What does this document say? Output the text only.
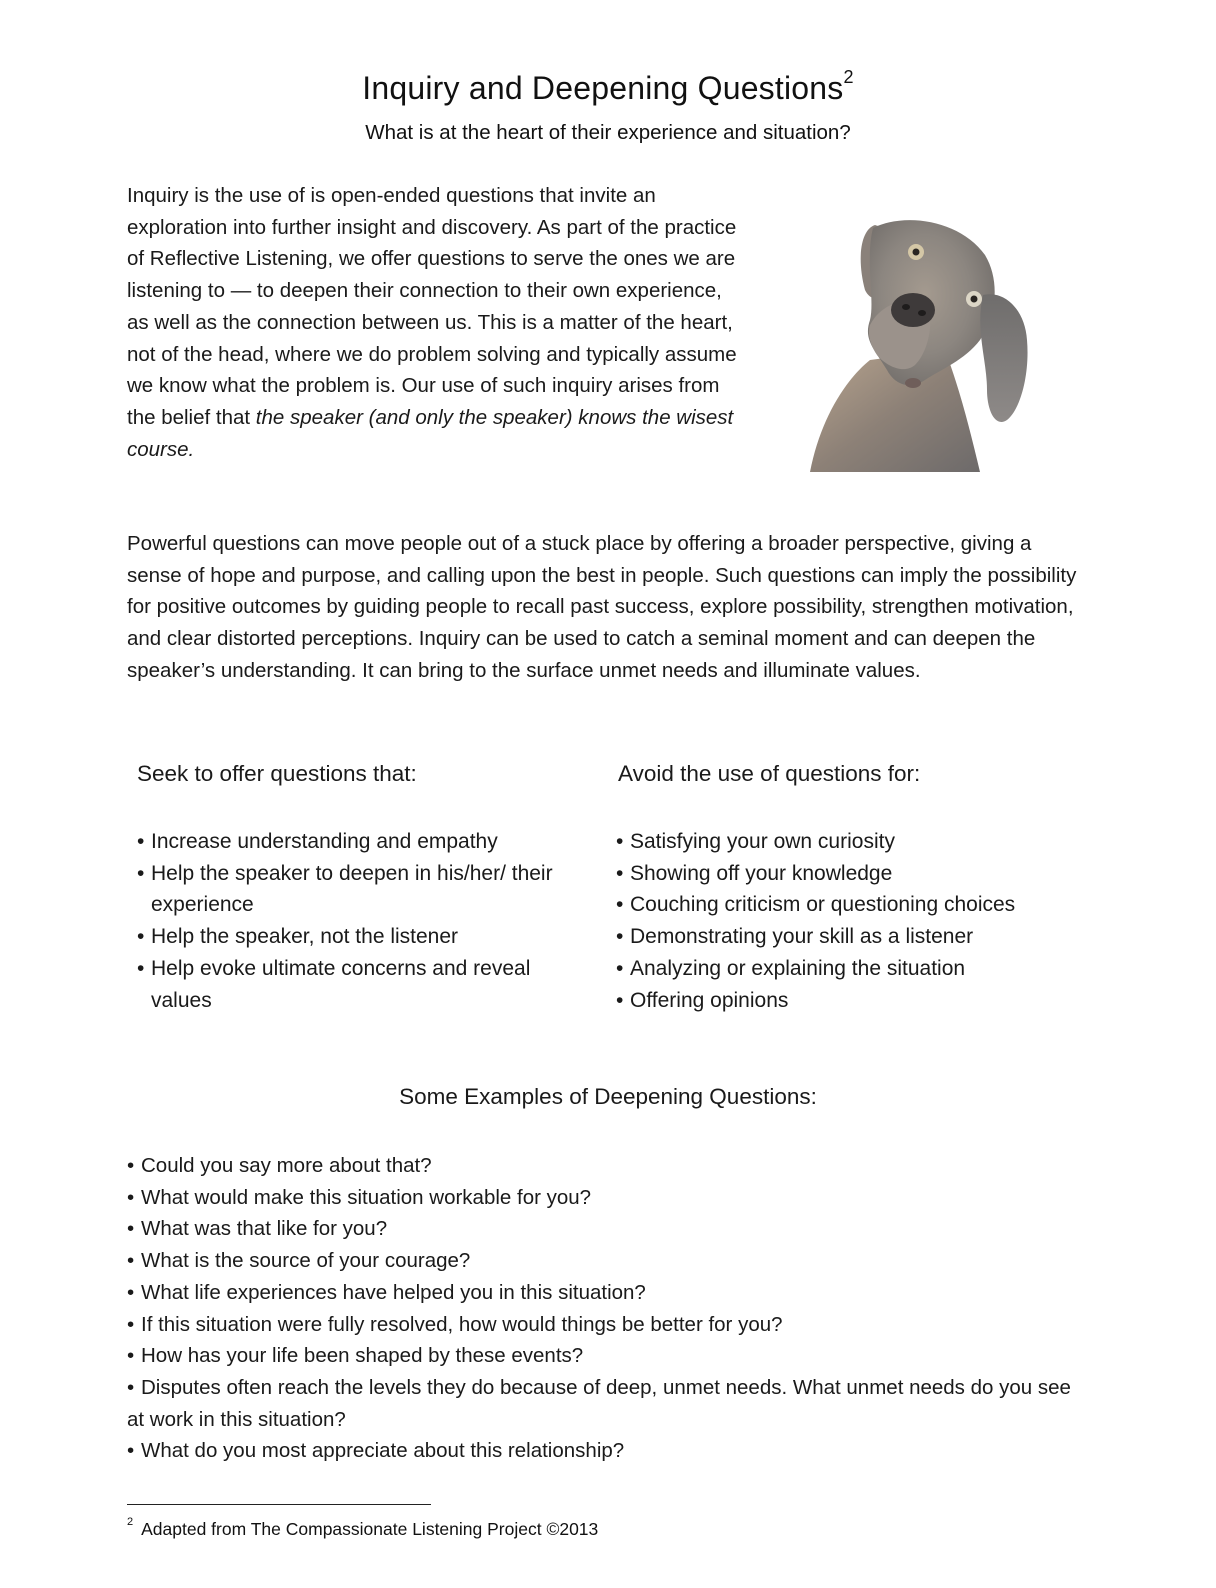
Inquiry and Deepening Questions$^2$
What is at the heart of their experience and situation?

Inquiry is the use of is open-ended questions that invite an exploration into further insight and discovery. As part of the practice of Reflective Listening, we offer questions to serve the ones we are listening to — to deepen their connection to their own experience, as well as the connection between us. This is a matter of the heart, not of the head, where we do problem solving and typically assume we know what the problem is. Our use of such inquiry arises from the belief that the speaker (and only the speaker) knows the wisest course.

Powerful questions can move people out of a stuck place by offering a broader perspective, giving a sense of hope and purpose, and calling upon the best in people. Such questions can imply the possibility for positive outcomes by guiding people to recall past success, explore possibility, strengthen motivation, and clear distorted perceptions. Inquiry can be used to catch a seminal moment and can deepen the speaker’s understanding. It can bring to the surface unmet needs and illuminate values.

Seek to offer questions that:	Avoid the use of questions for:
• Increase understanding and empathy
• Help the speaker to deepen in his/her/ their experience
• Help the speaker, not the listener
• Help evoke ultimate concerns and reveal values
• Satisfying your own curiosity
• Showing off your knowledge
• Couching criticism or questioning choices
• Demonstrating your skill as a listener
• Analyzing or explaining the situation
• Offering opinions
Some Examples of Deepening Questions:
• Could you say more about that?
• What would make this situation workable for you?
• What was that like for you?
• What is the source of your courage?
• What life experiences have helped you in this situation?
• If this situation were fully resolved, how would things be better for you?
• How has your life been shaped by these events?
• Disputes often reach the levels they do because of deep, unmet needs. What unmet needs do you see at work in this situation?
• What do you most appreciate about this relationship?
$^2$ Adapted from The Compassionate Listening Project ©2013
